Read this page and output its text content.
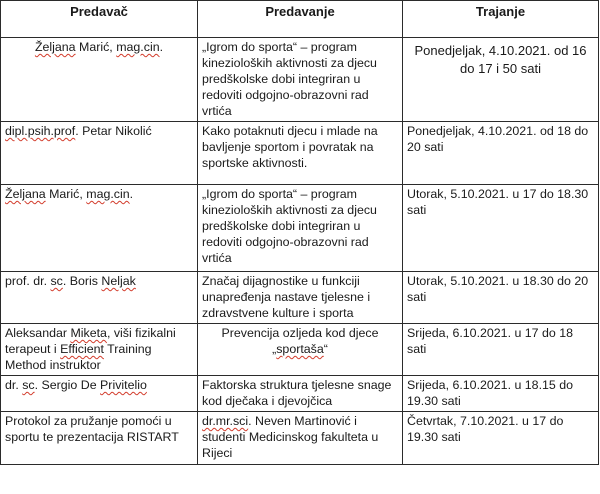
Predavač	Predavanje	Trajanje
Željana Marić, mag.cin.	„Igrom do sporta“ – program kinezioloških aktivnosti za djecu predškolske dobi integriran u redoviti odgojno-obrazovni rad vrtića	Ponedjeljak, 4.10.2021. od 16 do 17 i 50 sati
dipl.psih.prof. Petar Nikolić	Kako potaknuti djecu i mlade na bavljenje sportom i povratak na sportske aktivnosti.	Ponedjeljak, 4.10.2021. od 18 do 20 sati
Željana Marić, mag.cin.	„Igrom do sporta“ – program kinezioloških aktivnosti za djecu predškolske dobi integriran u redoviti odgojno-obrazovni rad vrtića	Utorak, 5.10.2021. u 17 do 18.30 sati
prof. dr. sc. Boris Neljak	Značaj dijagnostike u funkciji unapređenja nastave tjelesne i zdravstvene kulture i sporta	Utorak, 5.10.2021. u 18.30 do 20 sati
Aleksandar Miketa, viši fizikalni terapeut i Efficient Training Method instruktor	Prevencija ozljeda kod djece „sportaša“	Srijeda, 6.10.2021. u 17 do 18 sati
dr. sc. Sergio De Privitelio	Faktorska struktura tjelesne snage kod dječaka i djevojčica	Srijeda, 6.10.2021. u 18.15 do 19.30 sati
Protokol za pružanje pomoći u sportu te prezentacija RISTART	dr.mr.sci. Neven Martinović i studenti Medicinskog fakulteta u Rijeci	Četvrtak, 7.10.2021. u 17 do 19.30 sati
